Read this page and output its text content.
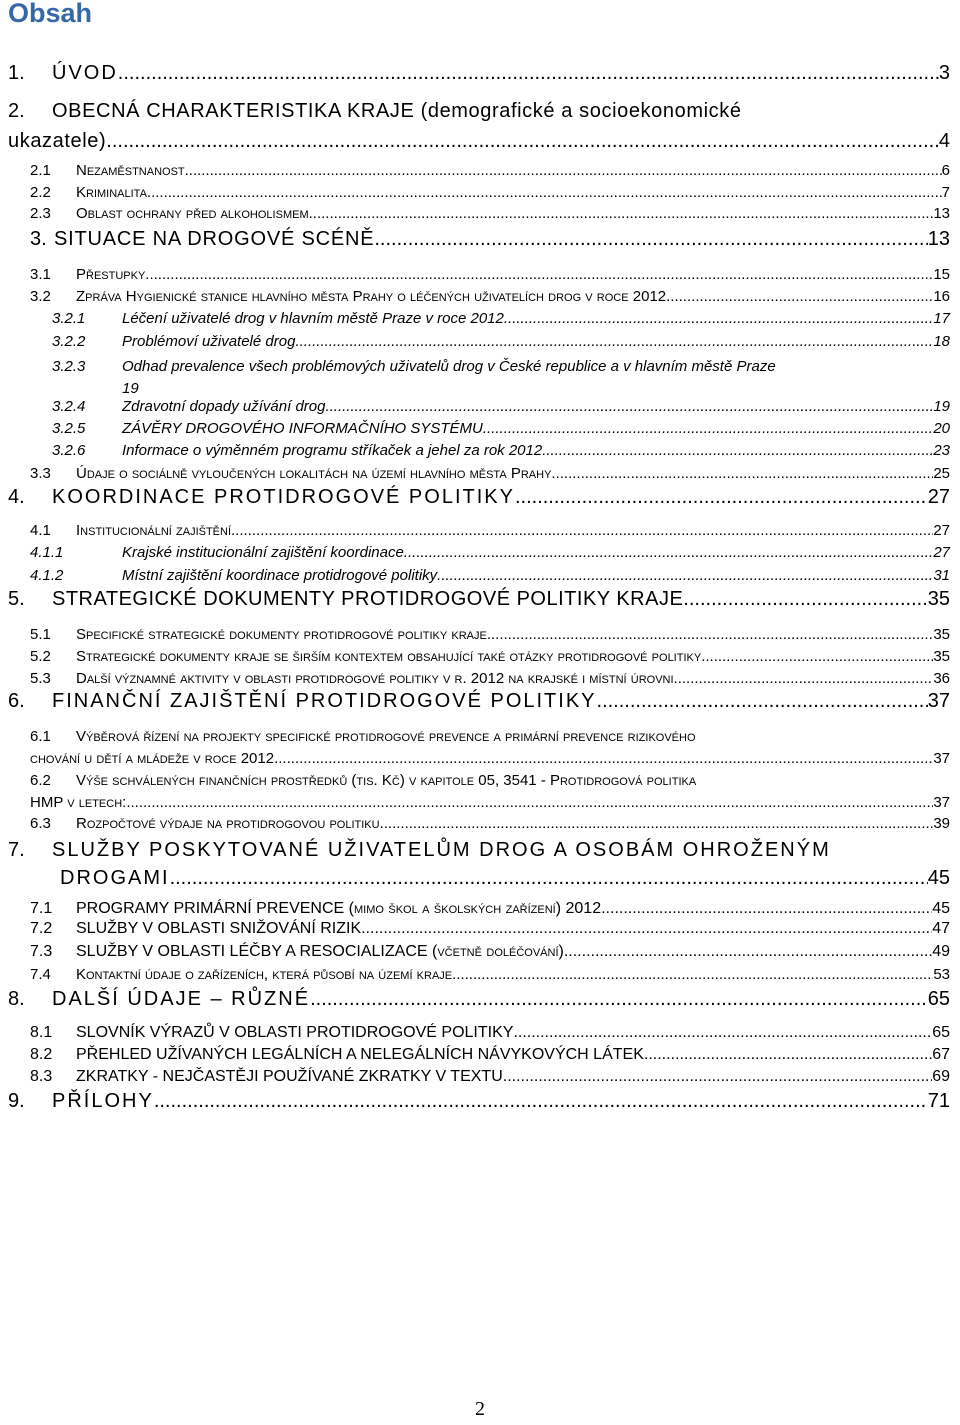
Obsah
1.	ÚVOD .....	3
2.	OBECNÁ CHARAKTERISTIKA KRAJE (demografické a socioekonomické
ukazatele) .....	4
2.1	Nezaměstnanost .....	6
2.2	Kriminalita .....	7
2.3	Oblast ochrany před alkoholismem .....	13
3. SITUACE NA DROGOVÉ SCÉNĚ .....	13
3.1	Přestupky .....	15
3.2	Zpráva Hygienické stanice hlavního města Prahy o léčených uživatelích drog v roce 2012 .....	16
3.2.1	Léčení uživatelé drog v hlavním městě Praze v roce 2012 .....	17
3.2.2	Problémoví uživatelé drog .....	18
3.2.3	Odhad prevalence všech problémových uživatelů drog v České republice a v hlavním městě Praze
19
3.2.4	Zdravotní dopady užívání drog .....	19
3.2.5	ZÁVĚRY DROGOVÉHO INFORMAČNÍHO SYSTÉMU .....	20
3.2.6	Informace o výměnném programu stříkaček a jehel za rok 2012 .....	23
3.3	Údaje o sociálně vyloučených lokalitách na území hlavního města Prahy .....	25
4.	KOORDINACE PROTIDROGOVÉ POLITIKY .....	27
4.1	Institucionální zajištění .....	27
4.1.1	Krajské institucionální zajištění koordinace .....	27
4.1.2	Místní zajištění koordinace protidrogové politiky .....	31
5.	STRATEGICKÉ DOKUMENTY PROTIDROGOVÉ POLITIKY KRAJE .....	35
5.1	Specifické strategické dokumenty protidrogové politiky kraje .....	35
5.2	Strategické dokumenty kraje se širším kontextem obsahující také otázky protidrogové politiky .....	35
5.3	Další významné aktivity v oblasti protidrogové politiky v r. 2012 na krajské i místní úrovni .....	36
6.	FINANČNÍ ZAJIŠTĚNÍ PROTIDROGOVÉ POLITIKY .....	37
6.1	Výběrová řízení na projekty specifické protidrogové prevence a primární prevence rizikového
chování u dětí a mládeže v roce 2012 .....	37
6.2	Výše schválených finančních prostředků (tis. Kč) v kapitole 05, 3541 - Protidrogová politika
HMP v letech: .....	37
6.3	Rozpočtové výdaje na protidrogovou politiku .....	39
7.	SLUŽBY POSKYTOVANÉ UŽIVATELŮM DROG A OSOBÁM OHROŽENÝM
DROGAMI .....	45
7.1	PROGRAMY PRIMÁRNÍ PREVENCE (mimo škol a školských zařízení) 2012 .....	45
7.2	SLUŽBY V OBLASTI SNIŽOVÁNÍ RIZIK .....	47
7.3	SLUŽBY V OBLASTI LÉČBY A RESOCIALIZACE (včetně doléčování) .....	49
7.4	Kontaktní údaje o zařízeních, která působí na území kraje .....	53
8.	DALŠÍ ÚDAJE – RŮZNÉ .....	65
8.1	SLOVNÍK VÝRAZŮ V OBLASTI PROTIDROGOVÉ POLITIKY .....	65
8.2	PŘEHLED UŽÍVANÝCH LEGÁLNÍCH A NELEGÁLNÍCH NÁVYKOVÝCH LÁTEK .....	67
8.3	ZKRATKY - NEJČASTĚJI POUŽÍVANÉ ZKRATKY V TEXTU .....	69
9.	PŘÍLOHY .....	71
2
